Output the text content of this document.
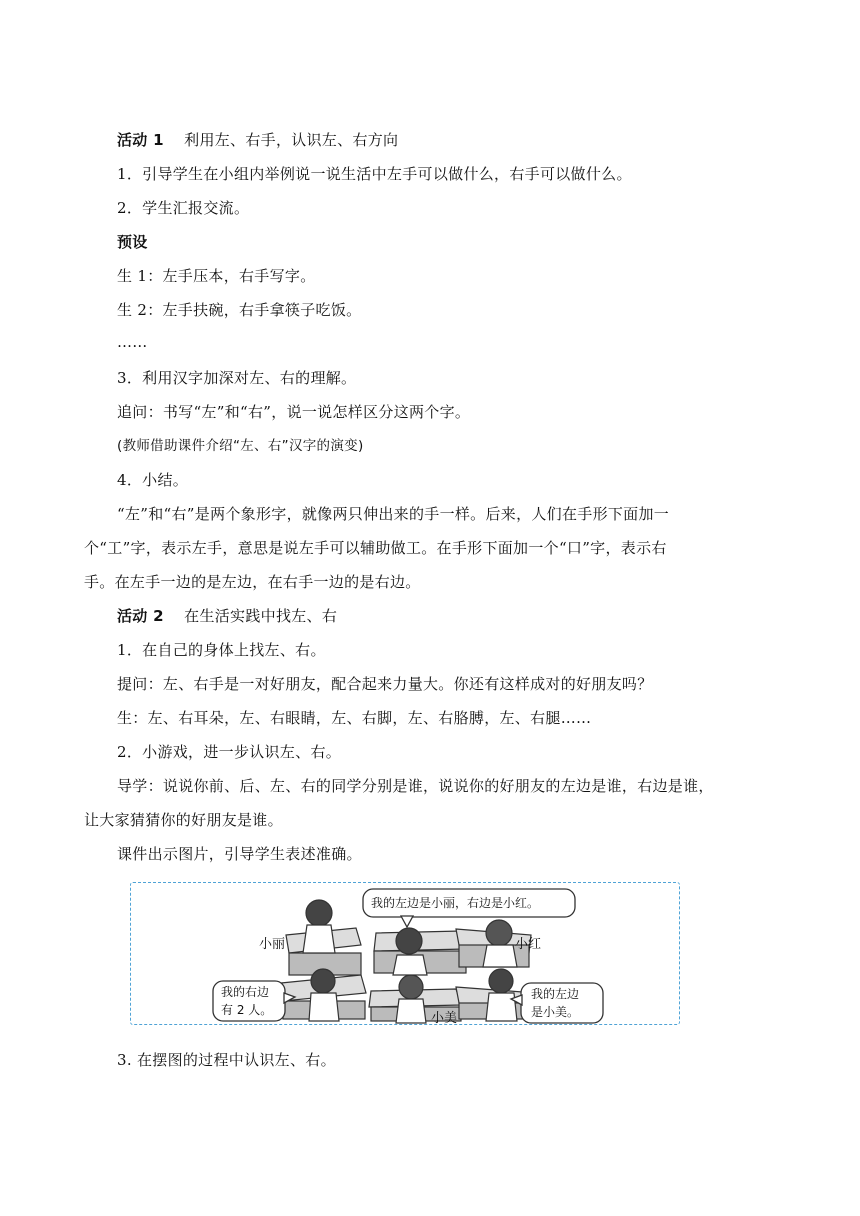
活动 1 利用左、右手，认识左、右方向
1．引导学生在小组内举例说一说生活中左手可以做什么，右手可以做什么。
2．学生汇报交流。
预设
生 1：左手压本，右手写字。
生 2：左手扶碗，右手拿筷子吃饭。
……
3．利用汉字加深对左、右的理解。
追问：书写“左”和“右”，说一说怎样区分这两个字。
(教师借助课件介绍“左、右”汉字的演变)
4．小结。
“左”和“右”是两个象形字，就像两只伸出来的手一样。后来，人们在手形下面加一
个“工”字，表示左手，意思是说左手可以辅助做工。在手形下面加一个“口”字，表示右
手。在左手一边的是左边，在右手一边的是右边。
活动 2 在生活实践中找左、右
1．在自己的身体上找左、右。
提问：左、右手是一对好朋友，配合起来力量大。你还有这样成对的好朋友吗？
生：左、右耳朵，左、右眼睛，左、右脚，左、右胳膊，左、右腿……
2．小游戏，进一步认识左、右。
导学：说说你前、后、左、右的同学分别是谁，说说你的好朋友的左边是谁，右边是谁，
让大家猜猜你的好朋友是谁。
课件出示图片，引导学生表述准确。
小丽	小红
小美
我的左边是小丽，右边是小红。
我的右边
有 2 人。
我的左边
是小美。
3. 在摆图的过程中认识左、右。
